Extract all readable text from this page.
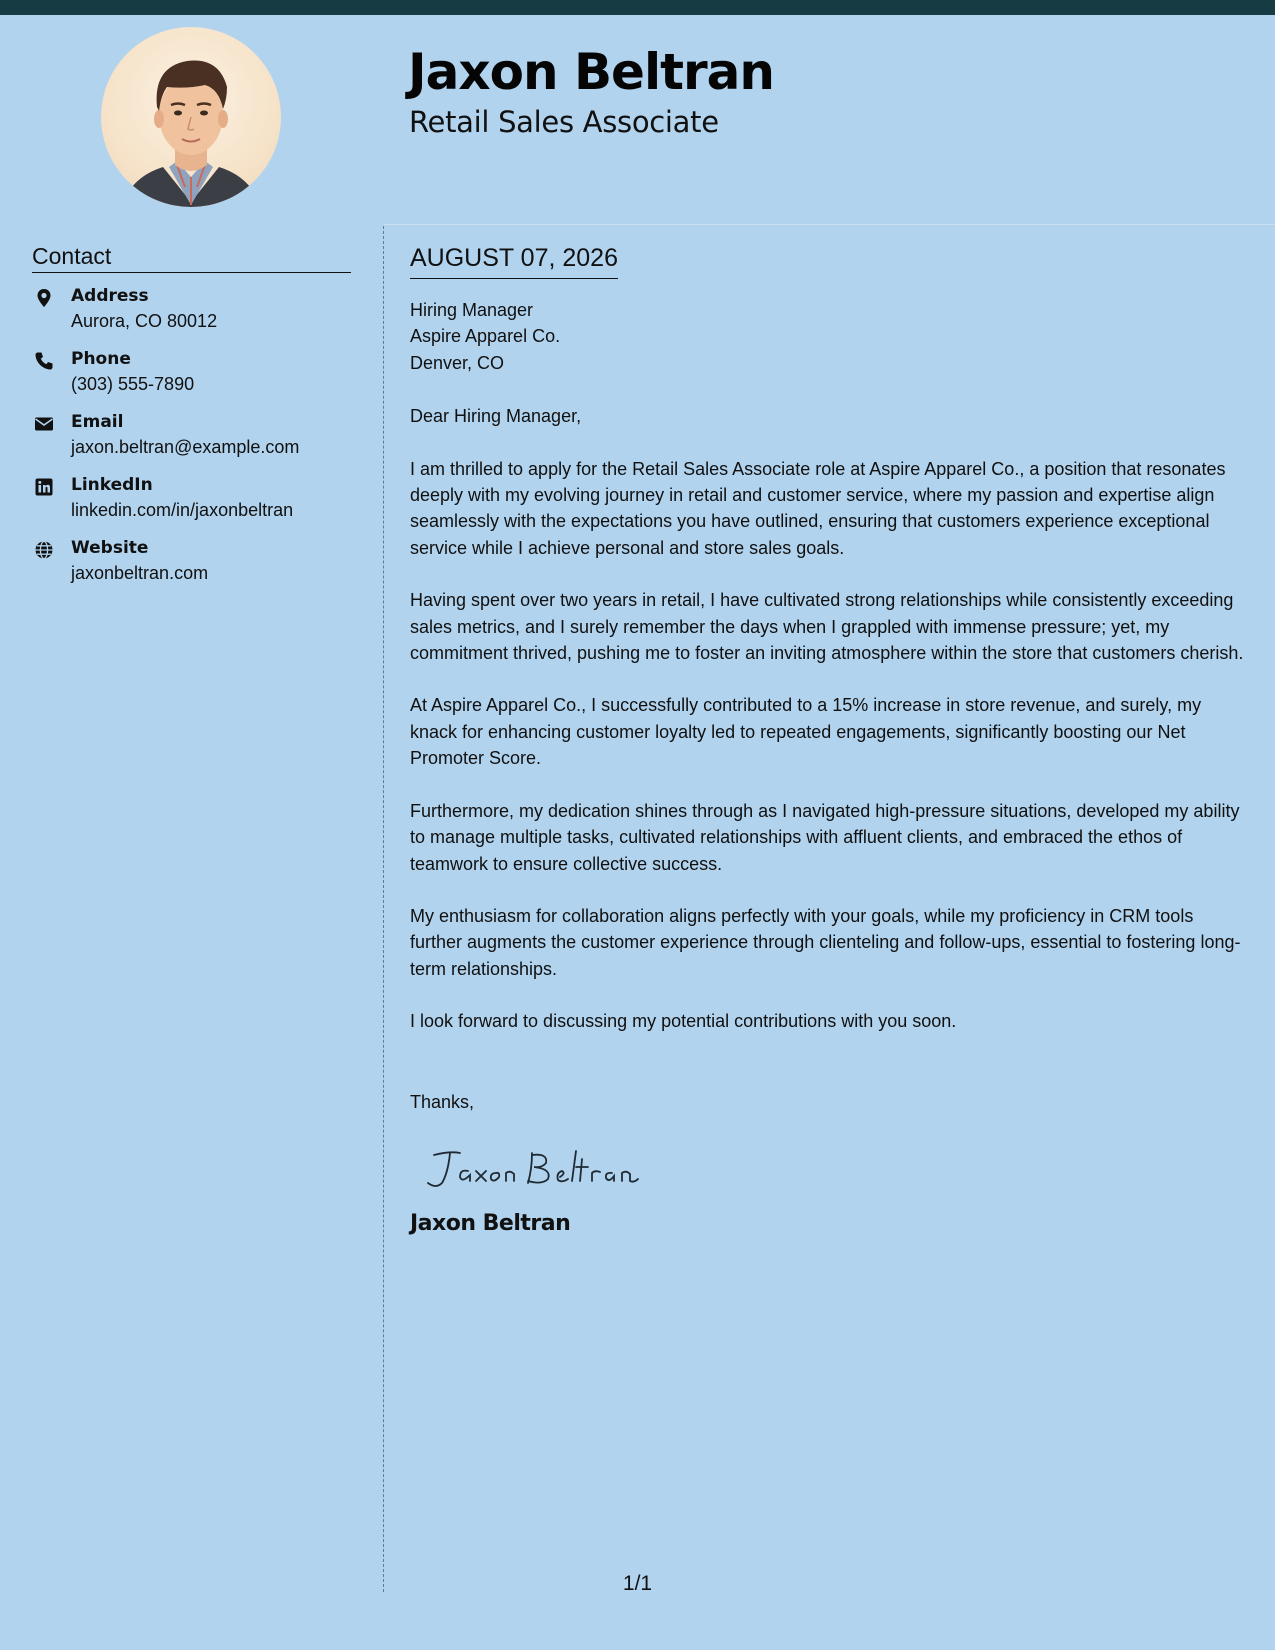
Jaxon Beltran
Retail Sales Associate
Contact
Address
Aurora, CO 80012
Phone
(303) 555-7890
Email
jaxon.beltran@example.com
LinkedIn
linkedin.com/in/jaxonbeltran
Website
jaxonbeltran.com
AUGUST 07, 2026
Hiring Manager
Aspire Apparel Co.
Denver, CO
Dear Hiring Manager,

I am thrilled to apply for the Retail Sales Associate role at Aspire Apparel Co., a position that resonates deeply with my evolving journey in retail and customer service, where my passion and expertise align seamlessly with the expectations you have outlined, ensuring that customers experience exceptional service while I achieve personal and store sales goals.

Having spent over two years in retail, I have cultivated strong relationships while consistently exceeding sales metrics, and I surely remember the days when I grappled with immense pressure; yet, my commitment thrived, pushing me to foster an inviting atmosphere within the store that customers cherish.

At Aspire Apparel Co., I successfully contributed to a 15% increase in store revenue, and surely, my knack for enhancing customer loyalty led to repeated engagements, significantly boosting our Net Promoter Score.

Furthermore, my dedication shines through as I navigated high-pressure situations, developed my ability to manage multiple tasks, cultivated relationships with affluent clients, and embraced the ethos of teamwork to ensure collective success.

My enthusiasm for collaboration aligns perfectly with your goals, while my proficiency in CRM tools further augments the customer experience through clienteling and follow-ups, essential to fostering long-term relationships.

I look forward to discussing my potential contributions with you soon.

Thanks,
Jaxon Beltran
1/1
